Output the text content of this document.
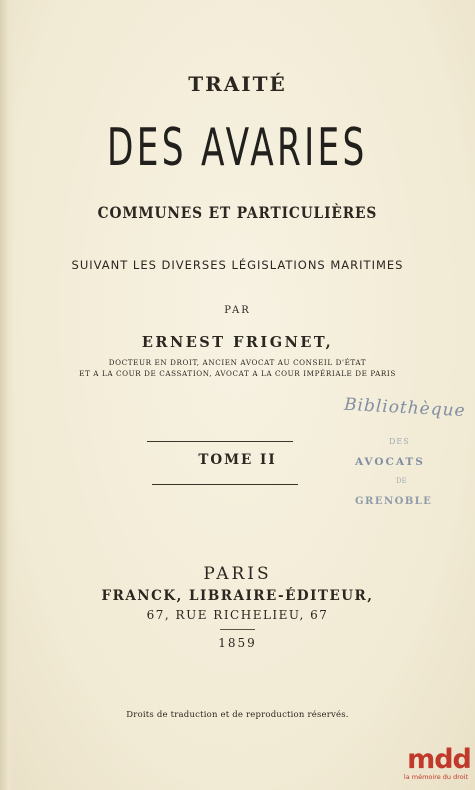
TRAITÉ
DES AVARIES
COMMUNES ET PARTICULIÈRES
SUIVANT LES DIVERSES LÉGISLATIONS MARITIMES
PAR
ERNEST FRIGNET,
DOCTEUR EN DROIT, ANCIEN AVOCAT AU CONSEIL D'ÉTAT
ET A LA COUR DE CASSATION, AVOCAT A LA COUR IMPÉRIALE DE PARIS
TOME II
PARIS
FRANCK, LIBRAIRE-ÉDITEUR,
67, RUE RICHELIEU, 67
1859
Droits de traduction et de reproduction réservés.
Bibliothèque
DES
AVOCATS
DE
GRENOBLE
mdd
la mémoire du droit
